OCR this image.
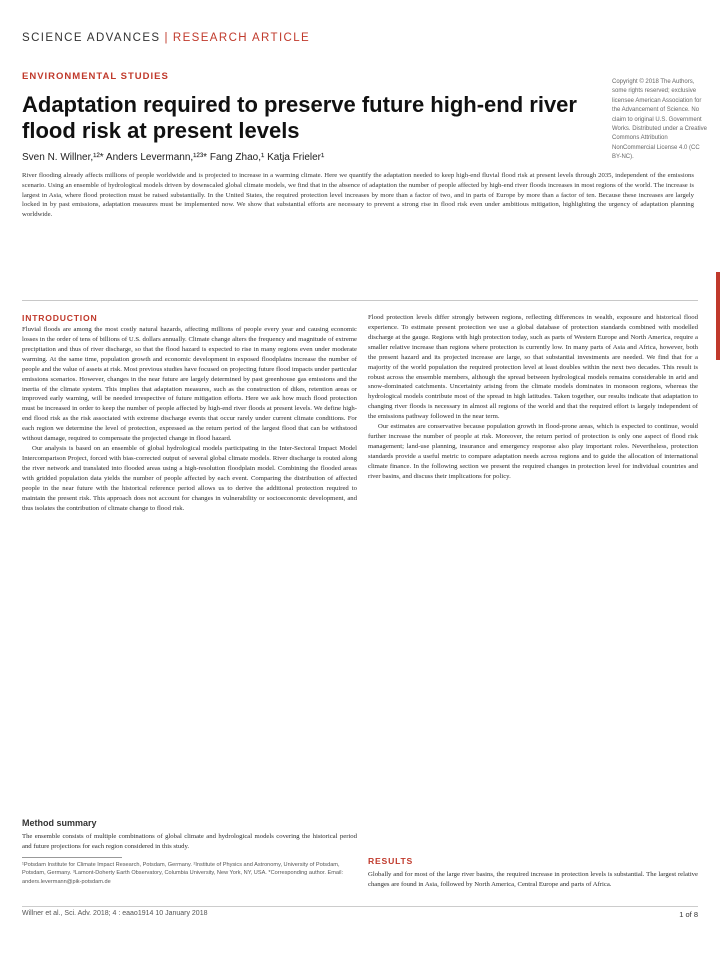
SCIENCE ADVANCES | RESEARCH ARTICLE
ENVIRONMENTAL STUDIES
Adaptation required to preserve future high-end river flood risk at present levels
Sven N. Willner,¹²* Anders Levermann,¹²³* Fang Zhao,¹ Katja Frieler¹
Copyright © 2018 The Authors, some rights reserved; exclusive licensee American Association for the Advancement of Science. No claim to original U.S. Government Works. Distributed under a Creative Commons Attribution NonCommercial License 4.0 (CC BY-NC).
River flooding already affects millions of people worldwide and is projected to increase in a warming climate. Here we quantify the adaptation needed to keep high-end fluvial flood risk at present levels through 2035, independent of the emissions scenario. Using an ensemble of hydrological models driven by downscaled global climate models, we find that in the absence of adaptation the number of people affected by high-end river floods increases in most regions of the world. The increase is largest in Asia, where flood protection must be raised substantially. In the United States, the required protection level increases by more than a factor of two, and in parts of Europe by more than a factor of ten. Because these increases are largely locked in by past emissions, adaptation measures must be implemented now. We show that substantial efforts are necessary to prevent a strong rise in flood risk even under ambitious mitigation, highlighting the urgency of adaptation planning worldwide.
INTRODUCTION

Fluvial floods are among the most costly natural hazards, affecting millions of people every year and causing economic losses in the order of tens of billions of U.S. dollars annually. Climate change alters the frequency and magnitude of extreme precipitation and thus of river discharge, so that the flood hazard is expected to rise in many regions even under moderate warming. At the same time, population growth and economic development in exposed floodplains increase the number of people and the value of assets at risk. Most previous studies have focused on projecting future flood impacts under particular emissions scenarios. However, changes in the near future are largely determined by past greenhouse gas emissions and the inertia of the climate system. This implies that adaptation measures, such as the construction of dikes, retention areas or improved early warning, will be needed irrespective of future mitigation efforts. Here we ask how much flood protection must be increased in order to keep the number of people affected by high-end river floods at present levels. We define high-end flood risk as the risk associated with extreme discharge events that occur rarely under current climate conditions. For each region we determine the level of protection, expressed as the return period of the largest flood that can be withstood without damage, required to compensate the projected change in flood hazard.

Our analysis is based on an ensemble of global hydrological models participating in the Inter-Sectoral Impact Model Intercomparison Project, forced with bias-corrected output of several global climate models. River discharge is routed along the river network and translated into flooded areas using a high-resolution floodplain model. Combining the flooded areas with gridded population data yields the number of people affected by each event. Comparing the distribution of affected people in the near future with the historical reference period allows us to derive the additional protection required to maintain the present risk. This approach does not account for changes in vulnerability or socioeconomic development, and thus isolates the contribution of climate change to flood risk.

Method summary
The ensemble consists of multiple combinations of global climate and hydrological models covering the historical period and future projections for each region considered in this study.
¹Potsdam Institute for Climate Impact Research, Potsdam, Germany. ²Institute of Physics and Astronomy, University of Potsdam, Potsdam, Germany. ³Lamont-Doherty Earth Observatory, Columbia University, New York, NY, USA. *Corresponding author. Email: anders.levermann@pik-potsdam.de

Flood protection levels differ strongly between regions, reflecting differences in wealth, exposure and historical flood experience. To estimate present protection we use a global database of protection standards combined with modelled discharge at the gauge. Regions with high protection today, such as parts of Western Europe and North America, require a smaller relative increase than regions where protection is currently low. In many parts of Asia and Africa, however, both the present hazard and its projected increase are large, so that substantial investments are needed. We find that for a majority of the world population the required protection level at least doubles within the next two decades. This result is robust across the ensemble members, although the spread between hydrological models remains considerable in arid and snow-dominated catchments. Uncertainty arising from the climate models dominates in monsoon regions, whereas the hydrological models contribute most of the spread in high latitudes. Taken together, our results indicate that adaptation to changing river floods is necessary in almost all regions of the world and that the required effort is largely independent of the emissions pathway followed in the near term.

Our estimates are conservative because population growth in flood-prone areas, which is expected to continue, would further increase the number of people at risk. Moreover, the return period of protection is only one aspect of flood risk management; land-use planning, insurance and emergency response also play important roles. Nevertheless, protection standards provide a useful metric to compare adaptation needs across regions and to guide the allocation of international climate finance. In the following section we present the required changes in protection level for individual countries and river basins, and discuss their implications for policy.

RESULTS
Globally and for most of the large river basins, the required increase in protection levels is substantial. The largest relative changes are found in Asia, followed by North America, Central Europe and parts of Africa.
Willner et al., Sci. Adv. 2018; 4 : eaao1914 10 January 2018	1 of 8
